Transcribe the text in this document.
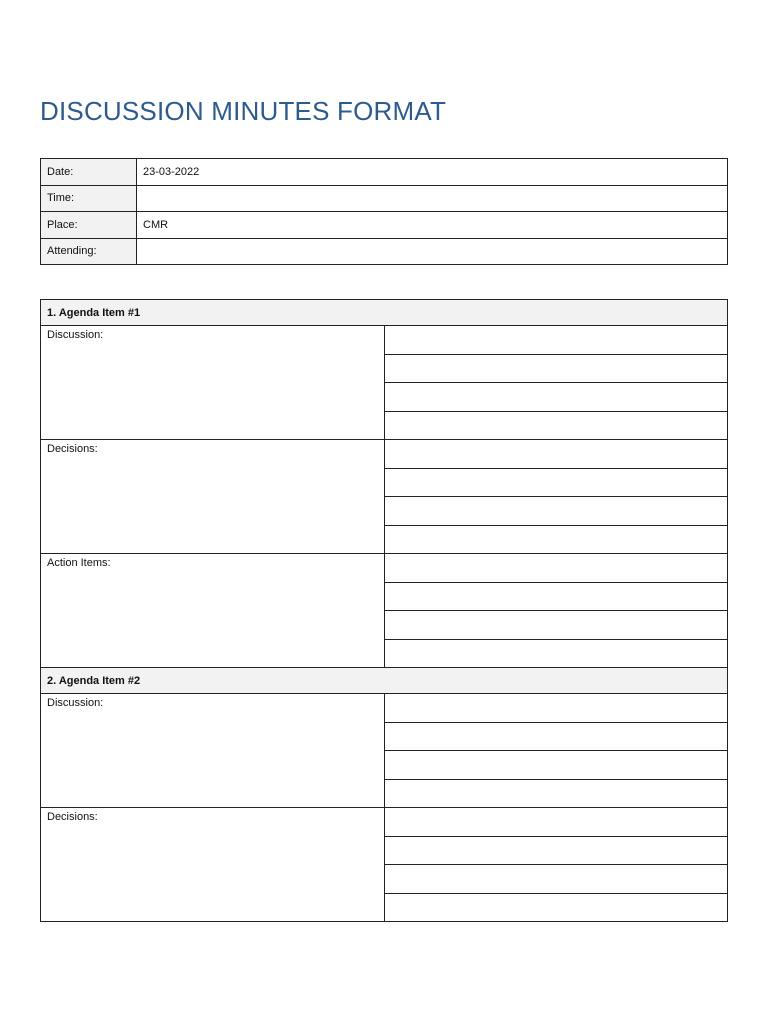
DISCUSSION MINUTES FORMAT
Date:	23-03-2022
Time:	
Place:	CMR
Attending:	
1. Agenda Item #1	
Discussion:	

Decisions:	

Action Items:	

2. Agenda Item #2	
Discussion:	

Decisions:	
